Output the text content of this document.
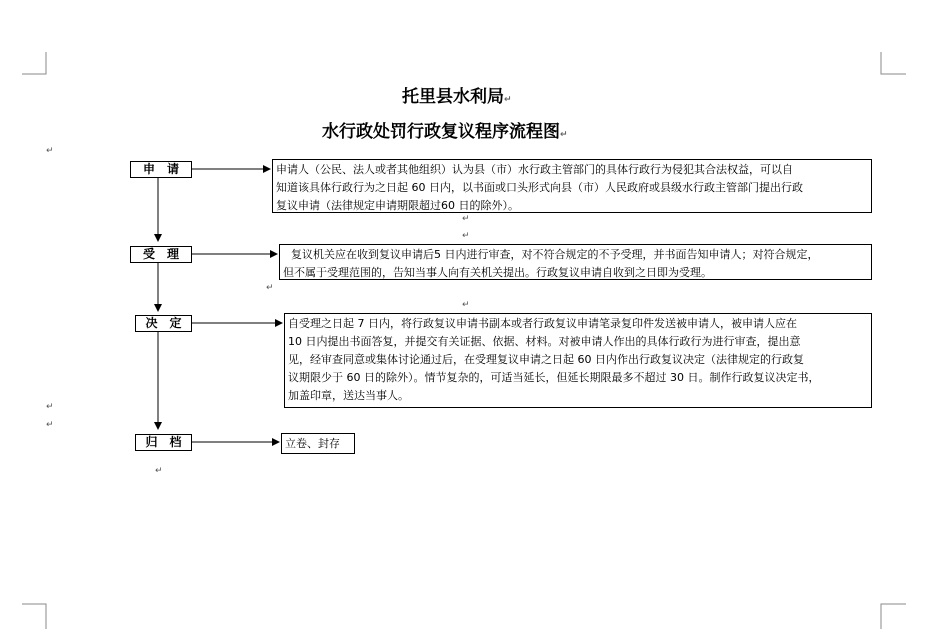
托里县水利局↵
水行政处罚行政复议程序流程图↵
↵
↵
↵
↵
↵
↵
↵
↵
申　请
受　理
决　定
归　档
申请人（公民、法人或者其他组织）认为县（市）水行政主管部门的具体行政行为侵犯其合法权益，可以自
知道该具体行政行为之日起 60 日内，以书面或口头形式向县（市）人民政府或县级水行政主管部门提出行政
复议申请（法律规定申请期限超过60 日的除外）。
复议机关应在收到复议申请后5 日内进行审查，对不符合规定的不予受理，并书面告知申请人；对符合规定，
但不属于受理范围的，告知当事人向有关机关提出。行政复议申请自收到之日即为受理。
自受理之日起 7 日内，将行政复议申请书副本或者行政复议申请笔录复印件发送被申请人，被申请人应在
10 日内提出书面答复，并提交有关证据、依据、材料。对被申请人作出的具体行政行为进行审查，提出意
见，经审查同意或集体讨论通过后，在受理复议申请之日起 60 日内作出行政复议决定（法律规定的行政复
议期限少于 60 日的除外）。情节复杂的，可适当延长，但延长期限最多不超过 30 日。制作行政复议决定书，
加盖印章，送达当事人。
立卷、封存
